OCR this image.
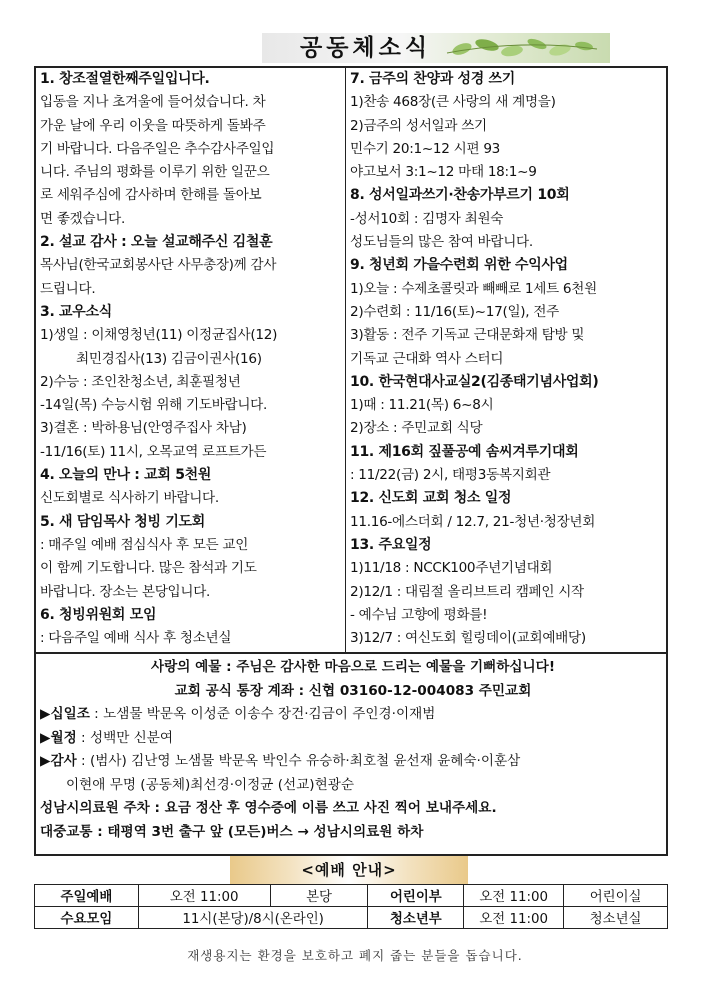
공동체소식
1. 창조절열한째주일입니다.
입동을 지나 초겨울에 들어섰습니다. 차
가운 날에 우리 이웃을 따뜻하게 돌봐주
기 바랍니다. 다음주일은 추수감사주일입
니다. 주님의 평화를 이루기 위한 일꾼으
로 세워주심에 감사하며 한해를 돌아보
면 좋겠습니다.
2. 설교 감사 : 오늘 설교해주신 김철훈
목사님(한국교회봉사단 사무총장)께 감사
드립니다.
3. 교우소식
1)생일 : 이채영청년(11) 이정균집사(12)
최민경집사(13) 김금이권사(16)
2)수능 : 조인찬청소년, 최훈필청년
-14일(목) 수능시험 위해 기도바랍니다.
3)결혼 : 박하용님(안영주집사 차남)
-11/16(토) 11시, 오목교역 로프트가든
4. 오늘의 만나 : 교회 5천원
신도회별로 식사하기 바랍니다.
5. 새 담임목사 청빙 기도회
: 매주일 예배 점심식사 후 모든 교인
이 함께 기도합니다. 많은 참석과 기도
바랍니다. 장소는 본당입니다.
6. 청빙위원회 모임
: 다음주일 예배 식사 후 청소년실
7. 금주의 찬양과 성경 쓰기
1)찬송 468장(큰 사랑의 새 계명을)
2)금주의 성서일과 쓰기
민수기 20:1~12 시편 93
야고보서 3:1~12 마태 18:1~9
8. 성서일과쓰기·찬송가부르기 10회
-성서10회 : 김명자 최원숙
성도님들의 많은 참여 바랍니다.
9. 청년회 가을수련회 위한 수익사업
1)오늘 : 수제초콜릿과 빼빼로 1세트 6천원
2)수련회 : 11/16(토)~17(일), 전주
3)활동 : 전주 기독교 근대문화재 탐방 및
기독교 근대화 역사 스터디
10. 한국현대사교실2(김종태기념사업회)
1)때 : 11.21(목) 6~8시
2)장소 : 주민교회 식당
11. 제16회 짚풀공예 솜씨겨루기대회
: 11/22(금) 2시, 태평3동복지회관
12. 신도회 교회 청소 일정
11.16-에스더회 / 12.7, 21-청년·청장년회
13. 주요일정
1)11/18 : NCCK100주년기념대회
2)12/1 : 대림절 올리브트리 캠페인 시작
- 예수님 고향에 평화를!
3)12/7 : 여신도회 힐링데이(교회예배당)
사랑의 예물 : 주님은 감사한 마음으로 드리는 예물을 기뻐하십니다!
교회 공식 통장 계좌 : 신협 03160-12-004083 주민교회
▶십일조 : 노샘물 박문옥 이성준 이송수 장건·김금이 주인경·이재범
▶월정 : 성백만 신분여
▶감사 : (범사) 김난영 노샘물 박문옥 박인수 유승하·최호철 윤선재 윤혜숙·이훈삼
이현애 무명 (공동체)최선경·이정균 (선교)현광순
성남시의료원 주차 : 요금 정산 후 영수증에 이름 쓰고 사진 찍어 보내주세요.
대중교통 : 태평역 3번 출구 앞 (모든)버스 → 성남시의료원 하차
<예배 안내>
주일예배	오전 11:00	본당	어린이부	오전 11:00	어린이실
수요모임	11시(본당)/8시(온라인)		청소년부	오전 11:00	청소년실
재생용지는 환경을 보호하고 폐지 줍는 분들을 돕습니다.
